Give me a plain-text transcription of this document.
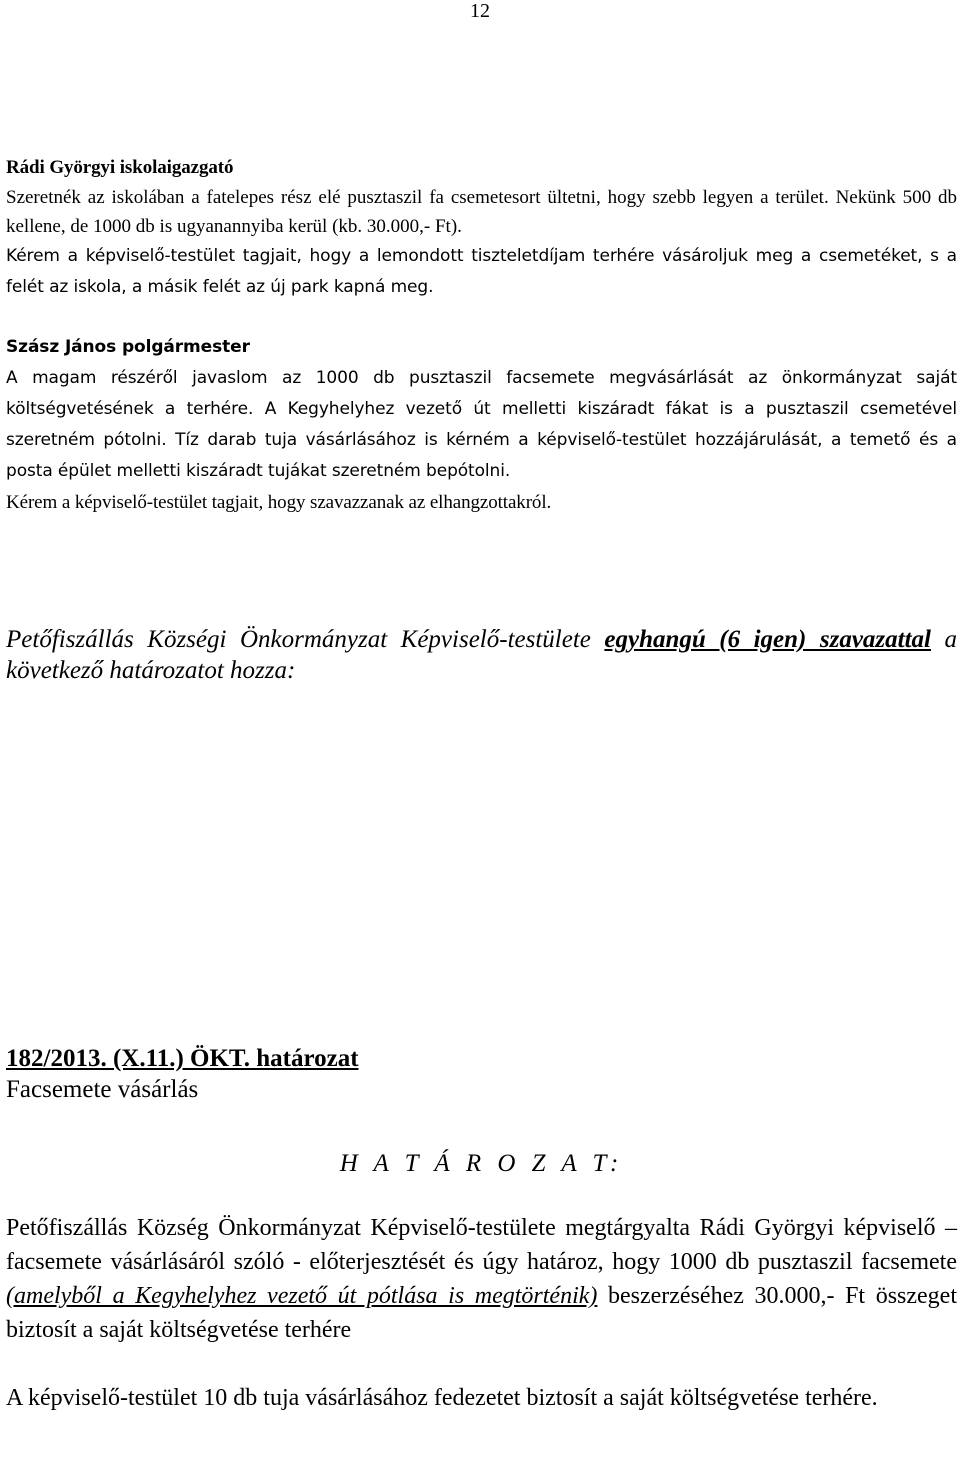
12

Rádi Györgyi iskolaigazgató

Szeretnék az iskolában a fatelepes rész elé pusztaszil fa csemetesort ültetni, hogy szebb legyen a terület. Nekünk 500 db kellene, de 1000 db is ugyanannyiba kerül (kb. 30.000,- Ft).

Kérem a képviselő-testület tagjait, hogy a lemondott tiszteletdíjam terhére vásároljuk meg a csemetéket, s a felét az iskola, a másik felét az új park kapná meg.

Szász János polgármester

A magam részéről javaslom az 1000 db pusztaszil facsemete megvásárlását az önkormányzat saját költségvetésének a terhére. A Kegyhelyhez vezető út melletti kiszáradt fákat is a pusztaszil csemetével szeretném pótolni. Tíz darab tuja vásárlásához is kérném a képviselő-testület hozzájárulását, a temető és a posta épület melletti kiszáradt tujákat szeretném bepótolni.

Kérem a képviselő-testület tagjait, hogy szavazzanak az elhangzottakról.

Petőfiszállás Községi Önkormányzat Képviselő-testülete egyhangú (6 igen) szavazattal a következő határozatot hozza:

182/2013. (X.11.) ÖKT. határozat

Facsemete vásárlás

H A T Á R O Z A T:

Petőfiszállás Község Önkormányzat Képviselő-testülete megtárgyalta Rádi Györgyi képviselő – facsemete vásárlásáról szóló - előterjesztését és úgy határoz, hogy 1000 db pusztaszil facsemete (amelyből a Kegyhelyhez vezető út pótlása is megtörténik) beszerzéséhez 30.000,- Ft összeget biztosít a saját költségvetése terhére

A képviselő-testület 10 db tuja vásárlásához fedezetet biztosít a saját költségvetése terhére.
